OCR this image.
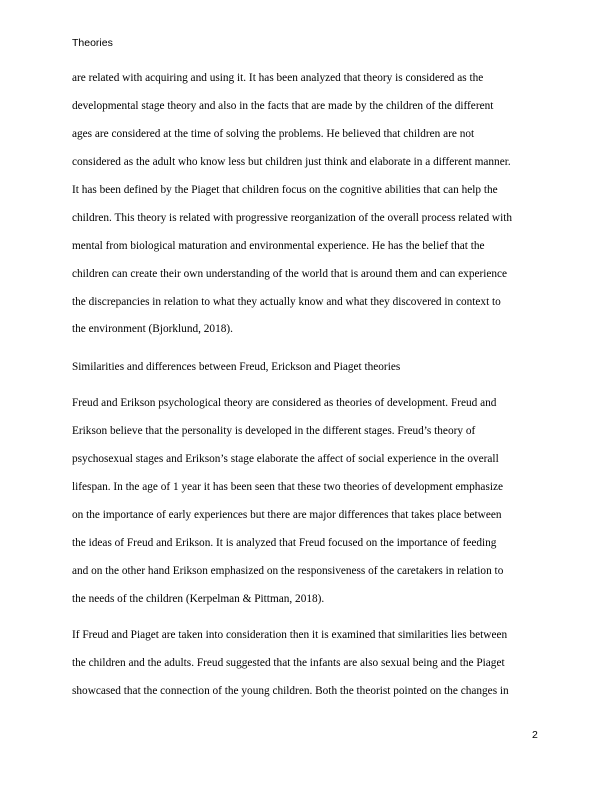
Theories
are related with acquiring and using it. It has been analyzed that theory is considered as the
developmental stage theory and also in the facts that are made by the children of the different
ages are considered at the time of solving the problems. He believed that children are not
considered as the adult who know less but children just think and elaborate in a different manner.
It has been defined by the Piaget that children focus on the cognitive abilities that can help the
children. This theory is related with progressive reorganization of the overall process related with
mental from biological maturation and environmental experience. He has the belief that the
children can create their own understanding of the world that is around them and can experience
the discrepancies in relation to what they actually know and what they discovered in context to
the environment (Bjorklund, 2018).
Similarities and differences between Freud, Erickson and Piaget theories
Freud and Erikson psychological theory are considered as theories of development. Freud and
Erikson believe that the personality is developed in the different stages. Freud’s theory of
psychosexual stages and Erikson’s stage elaborate the affect of social experience in the overall
lifespan. In the age of 1 year it has been seen that these two theories of development emphasize
on the importance of early experiences but there are major differences that takes place between
the ideas of Freud and Erikson. It is analyzed that Freud focused on the importance of feeding
and on the other hand Erikson emphasized on the responsiveness of the caretakers in relation to
the needs of the children (Kerpelman & Pittman, 2018).
If Freud and Piaget are taken into consideration then it is examined that similarities lies between
the children and the adults. Freud suggested that the infants are also sexual being and the Piaget
showcased that the connection of the young children. Both the theorist pointed on the changes in
2
